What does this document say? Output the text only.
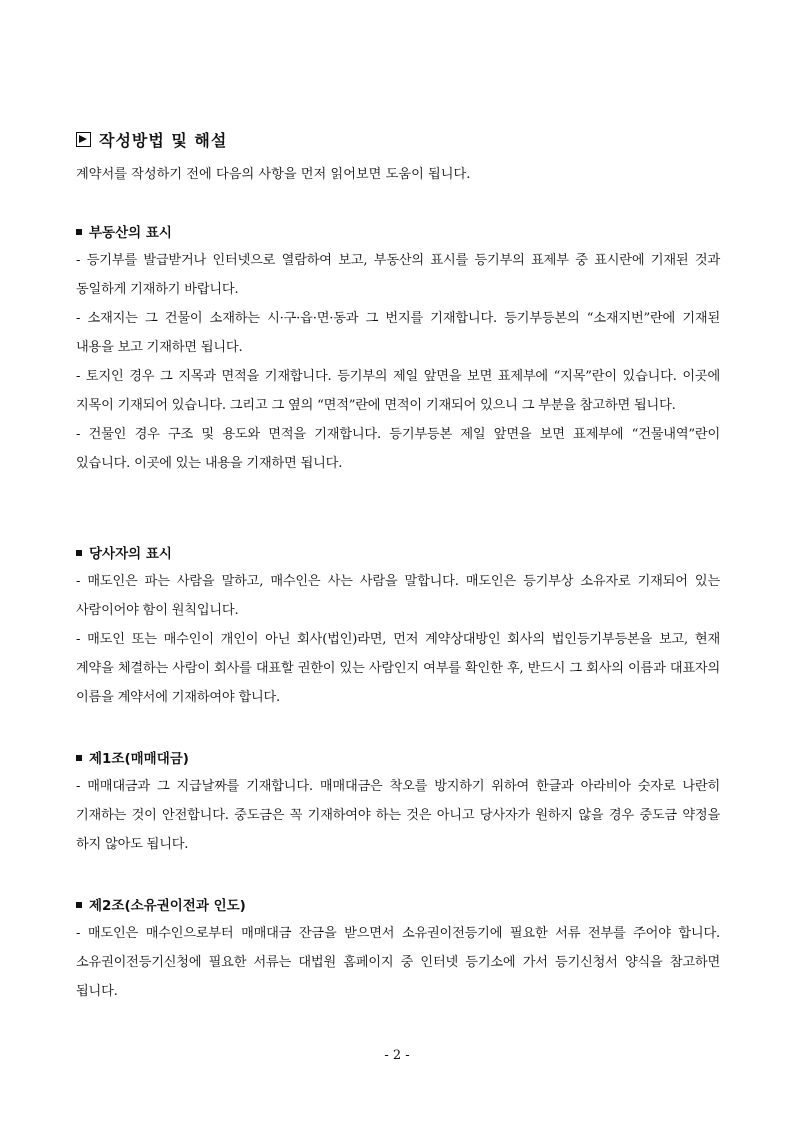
작성방법 및 해설
계약서를 작성하기 전에 다음의 사항을 먼저 읽어보면 도움이 됩니다.
부동산의 표시
- 등기부를 발급받거나 인터넷으로 열람하여 보고, 부동산의 표시를 등기부의 표제부 중 표시란에 기재된 것과 동일하게 기재하기 바랍니다.
- 소재지는 그 건물이 소재하는 시·구·읍·면·동과 그 번지를 기재합니다. 등기부등본의 “소재지번”란에 기재된 내용을 보고 기재하면 됩니다.
- 토지인 경우 그 지목과 면적을 기재합니다. 등기부의 제일 앞면을 보면 표제부에 “지목”란이 있습니다. 이곳에 지목이 기재되어 있습니다. 그리고 그 옆의 “면적”란에 면적이 기재되어 있으니 그 부분을 참고하면 됩니다.
- 건물인 경우 구조 및 용도와 면적을 기재합니다. 등기부등본 제일 앞면을 보면 표제부에 “건물내역”란이 있습니다. 이곳에 있는 내용을 기재하면 됩니다.
당사자의 표시
- 매도인은 파는 사람을 말하고, 매수인은 사는 사람을 말합니다. 매도인은 등기부상 소유자로 기재되어 있는 사람이어야 함이 원칙입니다.
- 매도인 또는 매수인이 개인이 아닌 회사(법인)라면, 먼저 계약상대방인 회사의 법인등기부등본을 보고, 현재 계약을 체결하는 사람이 회사를 대표할 권한이 있는 사람인지 여부를 확인한 후, 반드시 그 회사의 이름과 대표자의 이름을 계약서에 기재하여야 합니다.
제1조(매매대금)
- 매매대금과 그 지급날짜를 기재합니다. 매매대금은 착오를 방지하기 위하여 한글과 아라비아 숫자로 나란히 기재하는 것이 안전합니다. 중도금은 꼭 기재하여야 하는 것은 아니고 당사자가 원하지 않을 경우 중도금 약정을 하지 않아도 됩니다.
제2조(소유권이전과 인도)
- 매도인은 매수인으로부터 매매대금 잔금을 받으면서 소유권이전등기에 필요한 서류 전부를 주어야 합니다. 소유권이전등기신청에 필요한 서류는 대법원 홈페이지 중 인터넷 등기소에 가서 등기신청서 양식을 참고하면 됩니다.
- 2 -
